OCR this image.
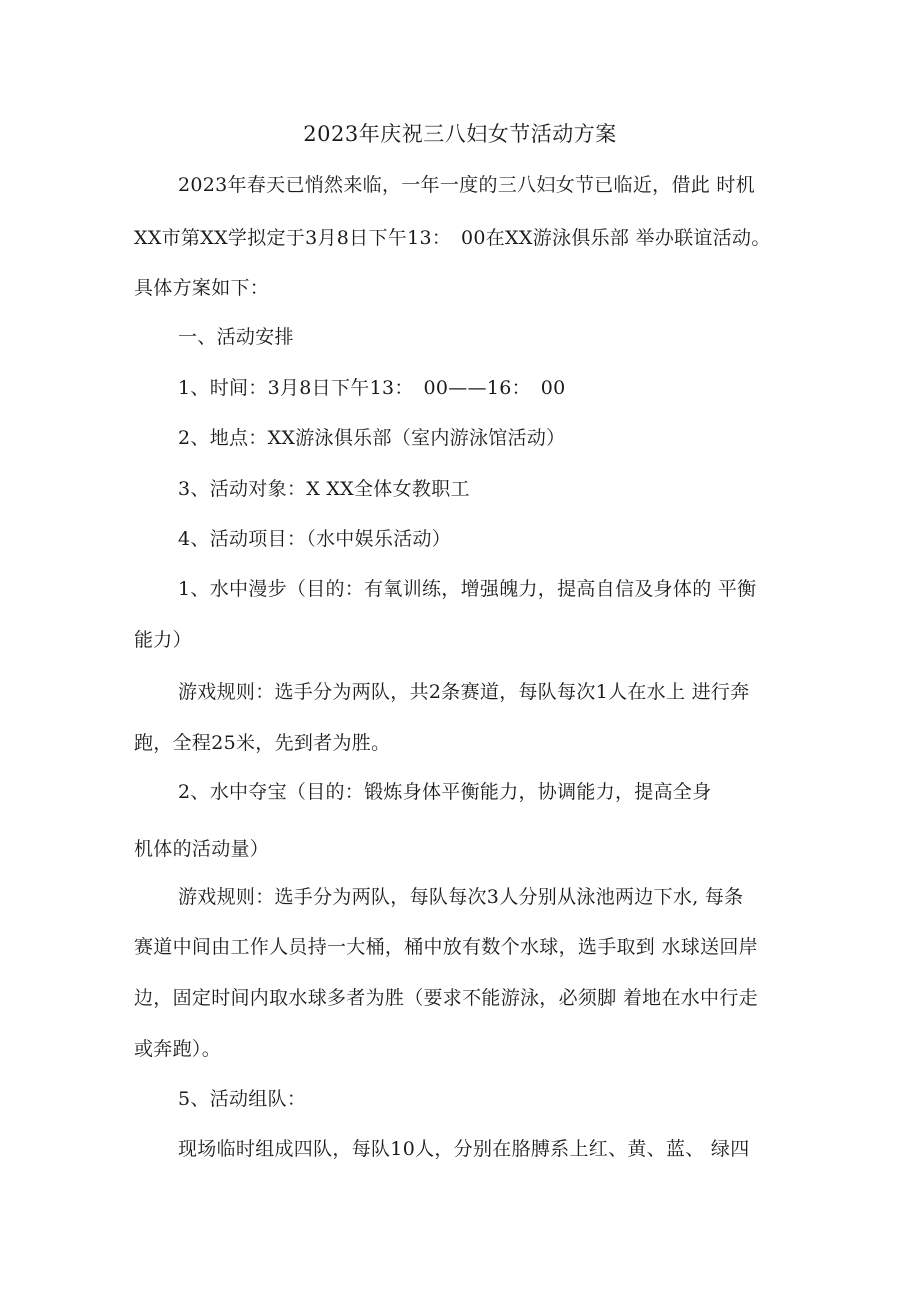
2023年庆祝三八妇女节活动方案
2023年春天已悄然来临，一年一度的三八妇女节已临近，借此 时机
XX市第XX学拟定于3月8日下午13：　00在XX游泳俱乐部 举办联谊活动。
具体方案如下：
一、活动安排
1、时间：3月8日下午13：　00——16：　00
2、地点：XX游泳俱乐部（室内游泳馆活动）
3、活动对象：X XX全体女教职工
4、活动项目：（水中娱乐活动）
1、水中漫步（目的：有氧训练，增强魄力，提高自信及身体的 平衡
能力）
游戏规则：选手分为两队，共2条赛道，每队每次1人在水上 进行奔
跑，全程25米，先到者为胜。
2、水中夺宝（目的：锻炼身体平衡能力，协调能力，提高全身
机体的活动量）
游戏规则：选手分为两队，每队每次3人分别从泳池两边下水, 每条
赛道中间由工作人员持一大桶，桶中放有数个水球，选手取到 水球送回岸
边，固定时间内取水球多者为胜（要求不能游泳，必须脚 着地在水中行走
或奔跑）。
5、活动组队：
现场临时组成四队，每队10人，分别在胳膊系上红、黄、蓝、 绿四
